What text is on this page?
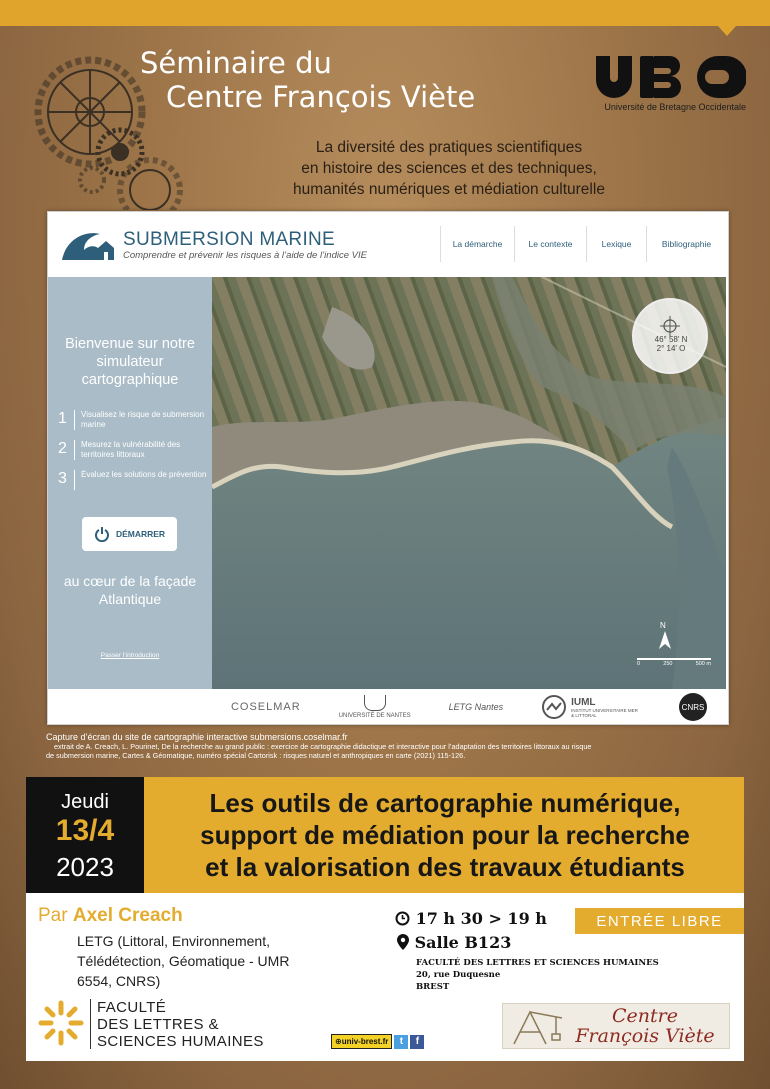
Séminaire du
Centre François Viète	Université de Bretagne Occidentale
La diversité des pratiques scientifiques
en histoire des sciences et des techniques,
humanités numériques et médiation culturelle
SUBMERSION MARINE
Comprendre et prévenir les risques à l’aide de l’indice VIE
La démarche	Le contexte	Lexique	Bibliographie
Bienvenue sur notre simulateur cartographique
1 Visualisez le risque de submersion marine
2 Mesurez la vulnérabilité des territoires littoraux
3 Évaluez les solutions de prévention
DÉMARRER
au cœur de la façade Atlantique
Passer l’introduction
46° 58' N
2° 14' O
N
0	250	500 m
COSELMAR
UNIVERSITÉ DE NANTES
LETG Nantes	IUML
INSTITUT UNIVERSITAIRE MER & LITTORAL
CNRS
Capture d’écran du site de cartographie interactive submersions.coselmar.fr
extrait de A. Creach, L. Pourinet, De la recherche au grand public : exercice de cartographie didactique et interactive pour l’adaptation des territoires littoraux au risque
de submersion marine, Cartes & Géomatique, numéro spécial Cartorisk : risques naturel et anthropiques en carte (2021) 115-126.
Jeudi
13/4
2023
Les outils de cartographie numérique,
support de médiation pour la recherche
et la valorisation des travaux étudiants
Par Axel Creach
LETG (Littoral, Environnement, Télédétection, Géomatique - UMR 6554, CNRS)
17 h 30 > 19 h
Salle B123
FACULTÉ DES LETTRES ET SCIENCES HUMAINES
20, rue Duquesne
BREST
ENTRÉE LIBRE
FACULTÉ
DES LETTRES &
SCIENCES HUMAINES	⊕univ-brest.fr	t	f
Centre
François Viète
